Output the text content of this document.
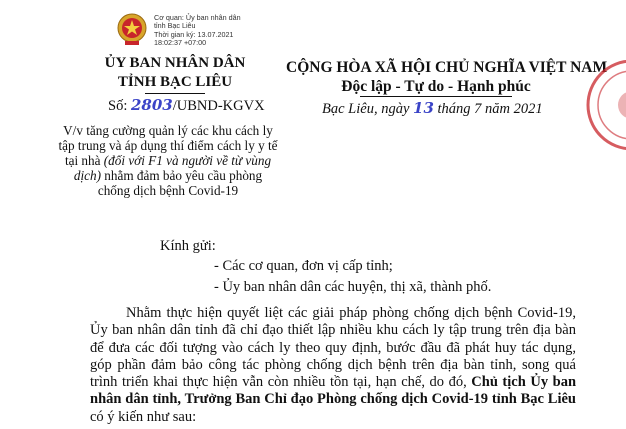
Cơ quan: Ủy ban nhân dân
tỉnh Bạc Liêu
Thời gian ký: 13.07.2021
18:02:37 +07:00
ỦY BAN NHÂN DÂN
TỈNH BẠC LIÊU
CỘNG HÒA XÃ HỘI CHỦ NGHĨA VIỆT NAM
Độc lập - Tự do - Hạnh phúc
Số: 2803/UBND-KGVX	Bạc Liêu, ngày 13 tháng 7 năm 2021
V/v tăng cường quản lý các khu cách ly tập trung và áp dụng thí điểm cách ly y tế tại nhà (đối với F1 và người về từ vùng dịch) nhằm đảm bảo yêu cầu phòng chống dịch bệnh Covid-19
Kính gửi:
- Các cơ quan, đơn vị cấp tỉnh;
- Ủy ban nhân dân các huyện, thị xã, thành phố.
Nhằm thực hiện quyết liệt các giải pháp phòng chống dịch bệnh Covid-19, Ủy ban nhân dân tỉnh đã chỉ đạo thiết lập nhiều khu cách ly tập trung trên địa bàn để đưa các đối tượng vào cách ly theo quy định, bước đầu đã phát huy tác dụng, góp phần đảm bảo công tác phòng chống dịch bệnh trên địa bàn tỉnh, song quá trình triển khai thực hiện vẫn còn nhiều tồn tại, hạn chế, do đó, Chủ tịch Ủy ban nhân dân tỉnh, Trưởng Ban Chỉ đạo Phòng chống dịch Covid-19 tỉnh Bạc Liêu có ý kiến như sau:
